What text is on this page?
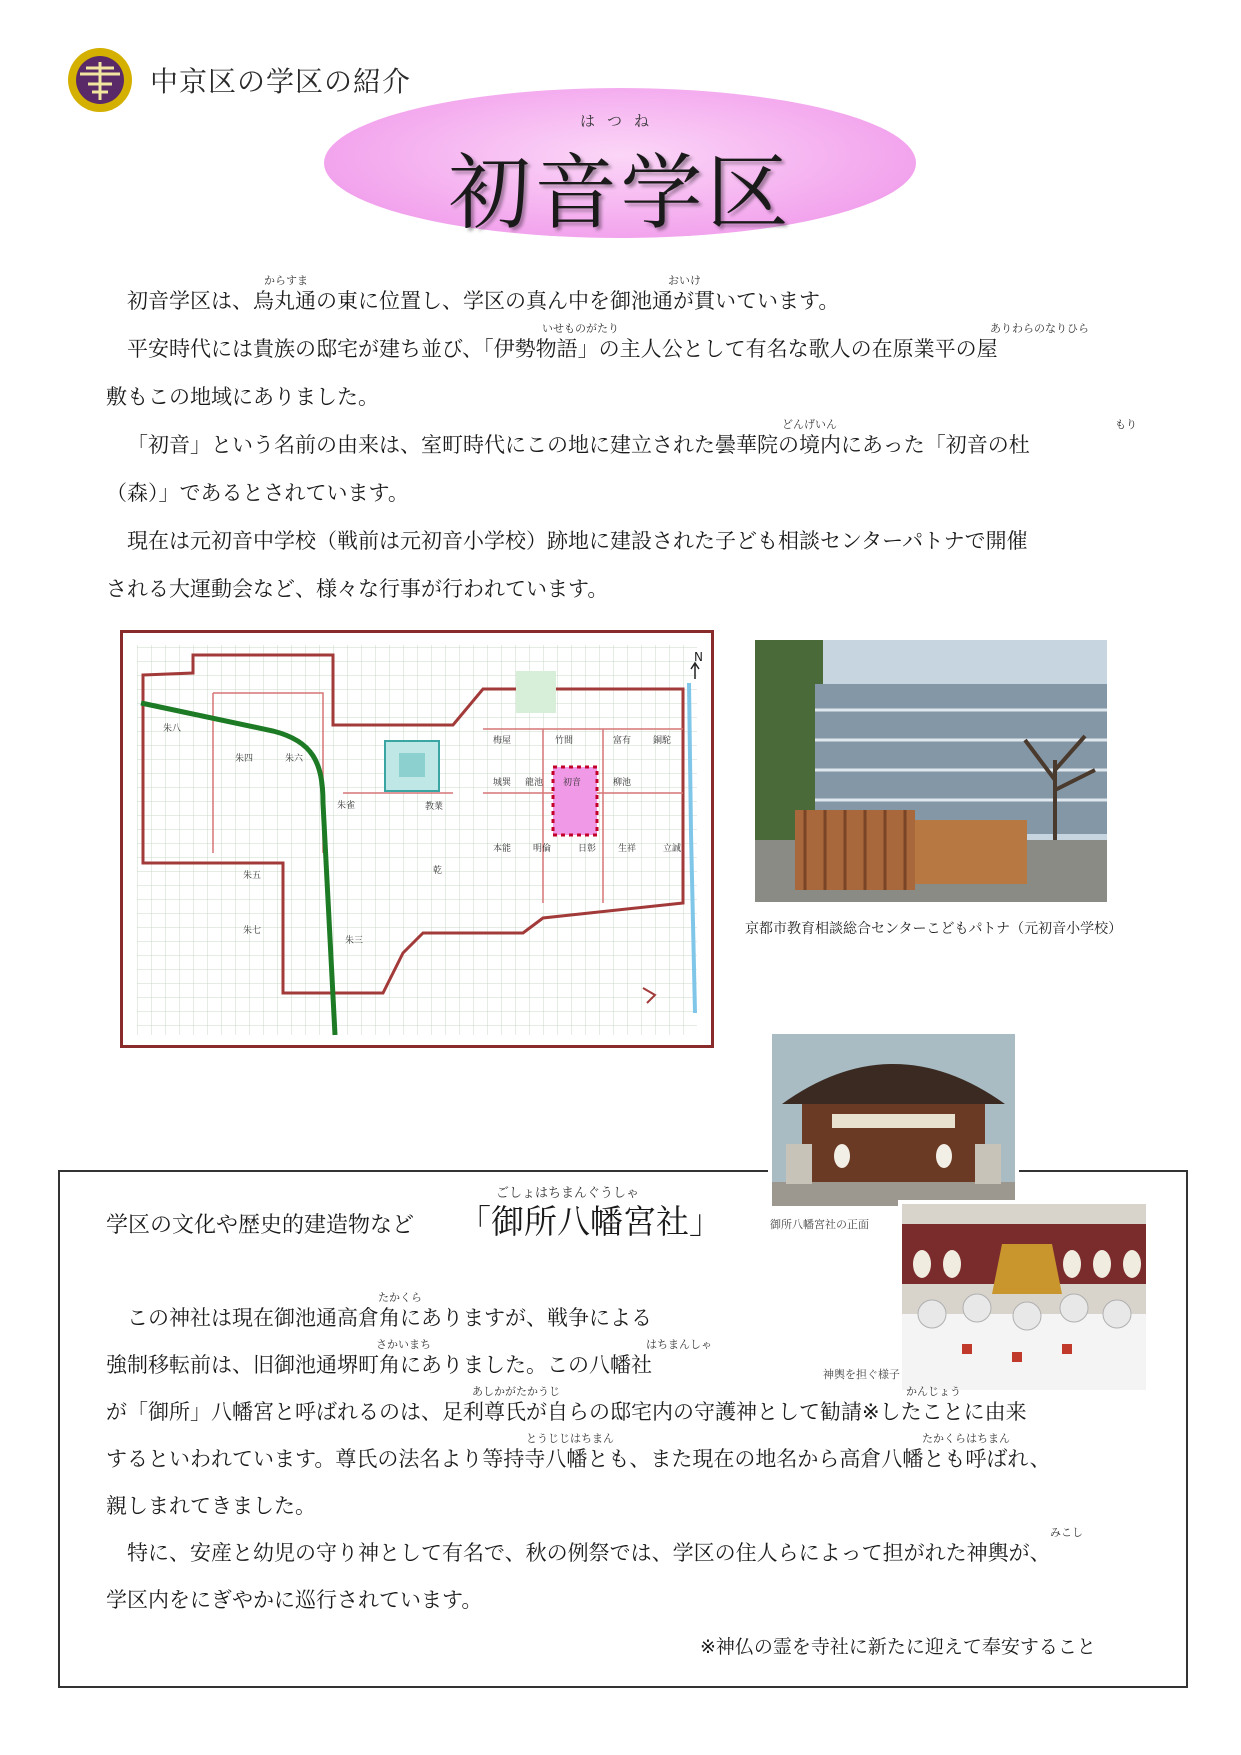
中京区の学区の紹介
はつね
初音学区
からすま	おいけ
初音学区は、烏丸通の東に位置し、学区の真ん中を御池通が貫いています。
いせものがたり	ありわらのなりひら
平安時代には貴族の邸宅が建ち並び、「伊勢物語」の主人公として有名な歌人の在原業平の屋
敷もこの地域にありました。
どんげいん	もり
「初音」という名前の由来は、室町時代にこの地に建立された曇華院の境内にあった「初音の杜
（森）」であるとされています。
現在は元初音中学校（戦前は元初音小学校）跡地に建設された子ども相談センターパトナで開催
される大運動会など、様々な行事が行われています。
N
初音
竹間	富有
梅屋
城巽 龍池	柳池
銅駝
本能 明倫	日彰 生祥	立誠
朱八
朱四	朱六
朱雀
朱五
朱七
朱三
乾
教業
京都市教育相談総合センターこどもパトナ（元初音小学校）
御所八幡宮社の正面
神輿を担ぐ様子
学区の文化や歴史的建造物など
ごしょはちまんぐうしゃ
「御所八幡宮社」
たかくら
この神社は現在御池通高倉角にありますが、戦争による
さかいまち	はちまんしゃ
強制移転前は、旧御池通堺町角にありました。この八幡社
あしかがたかうじ	かんじょう
が「御所」八幡宮と呼ばれるのは、足利尊氏が自らの邸宅内の守護神として勧請※したことに由来
とうじじはちまん	たかくらはちまん
するといわれています。尊氏の法名より等持寺八幡とも、また現在の地名から高倉八幡とも呼ばれ、
親しまれてきました。
みこし
特に、安産と幼児の守り神として有名で、秋の例祭では、学区の住人らによって担がれた神輿が、
学区内をにぎやかに巡行されています。
※神仏の霊を寺社に新たに迎えて奉安すること
